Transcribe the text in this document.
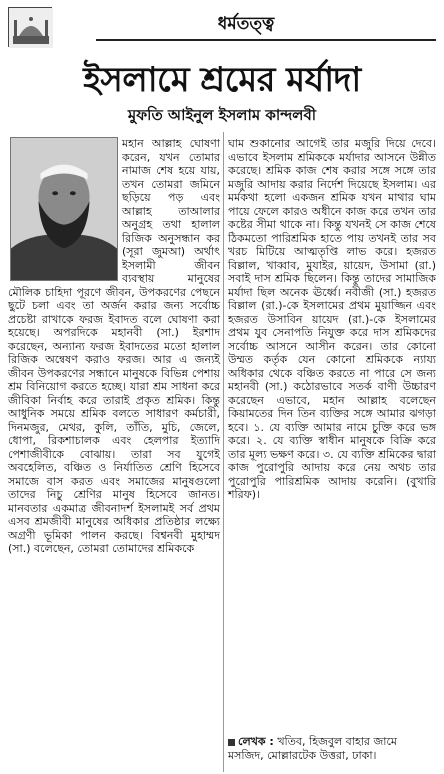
ধর্মতত্ত্ব
ইসলামে শ্রমের মর্যাদা
মুফতি আইনুল ইসলাম কান্দলবী

মহান আল্লাহ ঘোষণা করেন, যখন তোমার নামাজ শেষ হয়ে যায়, তখন তোমরা জমিনে ছড়িয়ে পড় এবং আল্লাহ তাআলার অনুগ্রহ তথা হালাল রিজিক অনুসন্ধান কর (সূরা জুমআ) অর্থাৎ ইসলামী জীবন ব্যবস্থায় মানুষের মৌলিক চাহিদা পূরণে জীবন, উপকরণের পেছনে ছুটে চলা এবং তা অর্জন করার জন্য সর্বোচ্চ প্রচেষ্টা রাখাকে ফরজ ইবাদত বলে ঘোষণা করা হয়েছে। অপরদিকে মহানবী (সা.) ইরশাদ করেছেন, অন্যান্য ফরজ ইবাদতের মতো হালাল রিজিক অন্বেষণ করাও ফরজ। আর এ জন্যই জীবন উপকরণের সন্ধানে মানুষকে বিভিন্ন পেশায় শ্রম বিনিয়োগ করতে হচ্ছে। যারা শ্রম সাধনা করে জীবিকা নির্বাহ করে তারাই প্রকৃত শ্রমিক। কিন্তু আধুনিক সময়ে শ্রমিক বলতে সাধারণ কর্মচারী, দিনমজুর, মেথর, কুলি, তাঁতি, মুচি, জেলে, ধোপা, রিকশাচালক এবং হেলপার ইত্যাদি পেশাজীবীকে বোঝায়। তারা সব যুগেই অবহেলিত, বঞ্চিত ও নির্যাতিত শ্রেণি হিসেবে সমাজে বাস করত এবং সমাজের মানুষগুলো তাদের নিচু শ্রেণির মানুষ হিসেবে জানত। মানবতার একমাত্র জীবনাদর্শ ইসলামই সর্ব প্রথম এসব শ্রমজীবী মানুষের অধিকার প্রতিষ্ঠার লক্ষ্যে অগ্রণী ভূমিকা পালন করছে। বিশ্বনবী মুহাম্মদ (সা.) বলেছেন, তোমরা তোমাদের শ্রমিককে

ঘাম শুকানোর আগেই তার মজুরি দিয়ে দেবে। এভাবে ইসলাম শ্রমিককে মর্যাদার আসনে উন্নীত করেছে। শ্রমিক কাজ শেষ করার সঙ্গে সঙ্গে তার মজুরি আদায় করার নির্দেশ দিয়েছে ইসলাম। এর মর্মকথা হলো একজন শ্রমিক যখন মাথার ঘাম পায়ে ফেলে কারও অধীনে কাজ করে তখন তার কষ্টের সীমা থাকে না। কিন্তু যখনই সে কাজ শেষে ঠিকমতো পারিশ্রমিক হাতে পায় তখনই তার সব খরচ মিটিয়ে আত্মতৃপ্তি লাভ করে। হজরত বিল্লাল, খাব্বাব, মুযাইর, য়ায়েদ, উসামা (রা.) সবাই দাস শ্রমিক ছিলেন। কিন্তু তাদের সামাজিক মর্যাদা ছিল অনেক ঊর্ধ্বে। নবীজী (সা.) হজরত বিল্লাল (রা.)-কে ইসলামের প্রথম মুয়াজ্জিন এবং হজরত উসাবিন য়ায়েদ (রা.)-কে ইসলামের প্রথম যুব সেনাপতি নিযুক্ত করে দাস শ্রমিকদের সর্বোচ্চ আসনে আসীন করেন। তার কোনো উম্মত কর্তৃক যেন কোনো শ্রমিককে ন্যায্য অধিকার থেকে বঞ্চিত করতে না পারে সে জন্য মহানবী (সা.) কঠোরভাবে সতর্ক বাণী উচ্চারণ করেছেন এভাবে, মহান আল্লাহ বলেছেন কিয়ামতের দিন তিন ব্যক্তির সঙ্গে আমার ঝগড়া হবে। ১. যে ব্যক্তি আমার নামে চুক্তি করে ভঙ্গ করে। ২. যে ব্যক্তি স্বাধীন মানুষকে বিক্রি করে তার মূল্য ভক্ষণ করে। ৩. যে ব্যক্তি শ্রমিকের দ্বারা কাজ পুরোপুরি আদায় করে নেয় অথচ তার পুরোপুরি পারিশ্রমিক আদায় করেনি। (বুখারি শরিফ)।

লেখক : খতিব, হিজবুল বাহার জামে মসজিদ, মোল্লারটেক উত্তরা, ঢাকা।
